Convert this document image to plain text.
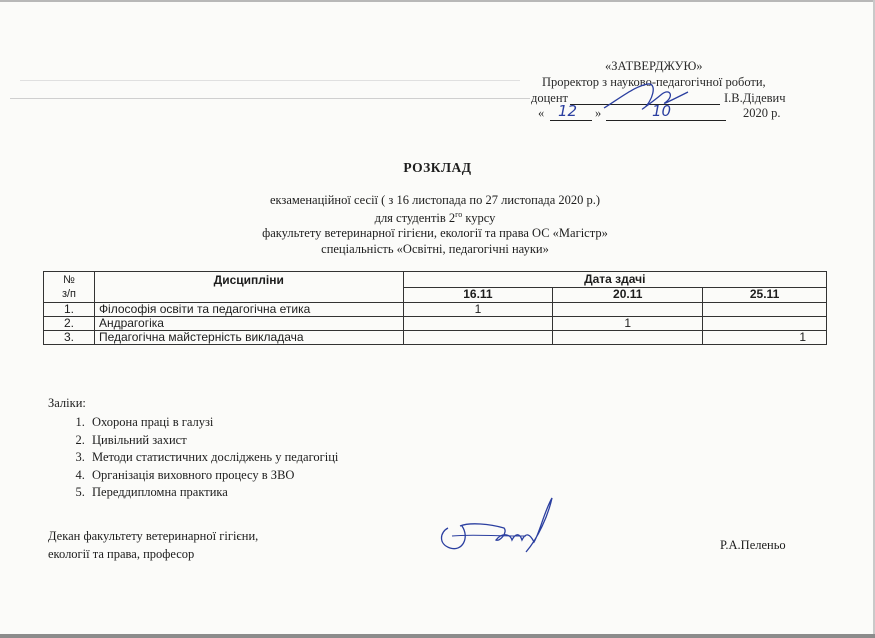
«ЗАТВЕРДЖУЮ»
Проректор з науково-педагогічної роботи,
доцент	І.В.Дідевич
« 12 »	10	2020 р.
РОЗКЛАД
екзаменаційної сесії ( з 16 листопада по 27 листопада 2020 р.)
для студентів $2^{го}$ курсу
факультету ветеринарної гігієни, екології та права ОС «Магістр»
спеціальність «Освітні, педагогічні науки»
№
з/п	Дисципліни	Дата здачі		
		16.11	20.11	25.11
1.	Філософія освіти та педагогічна етика	1		
2.	Андрагогіка		1	
3.	Педагогічна майстерність викладача			1
Заліки:
1. Охорона праці в галузі
2. Цивільний захист
3. Методи статистичних досліджень у педагогіці
4. Організація виховного процесу в ЗВО
5. Переддипломна практика
Декан факультету ветеринарної гігієни,
екології та права, професор
Р.А.Пеленьо
